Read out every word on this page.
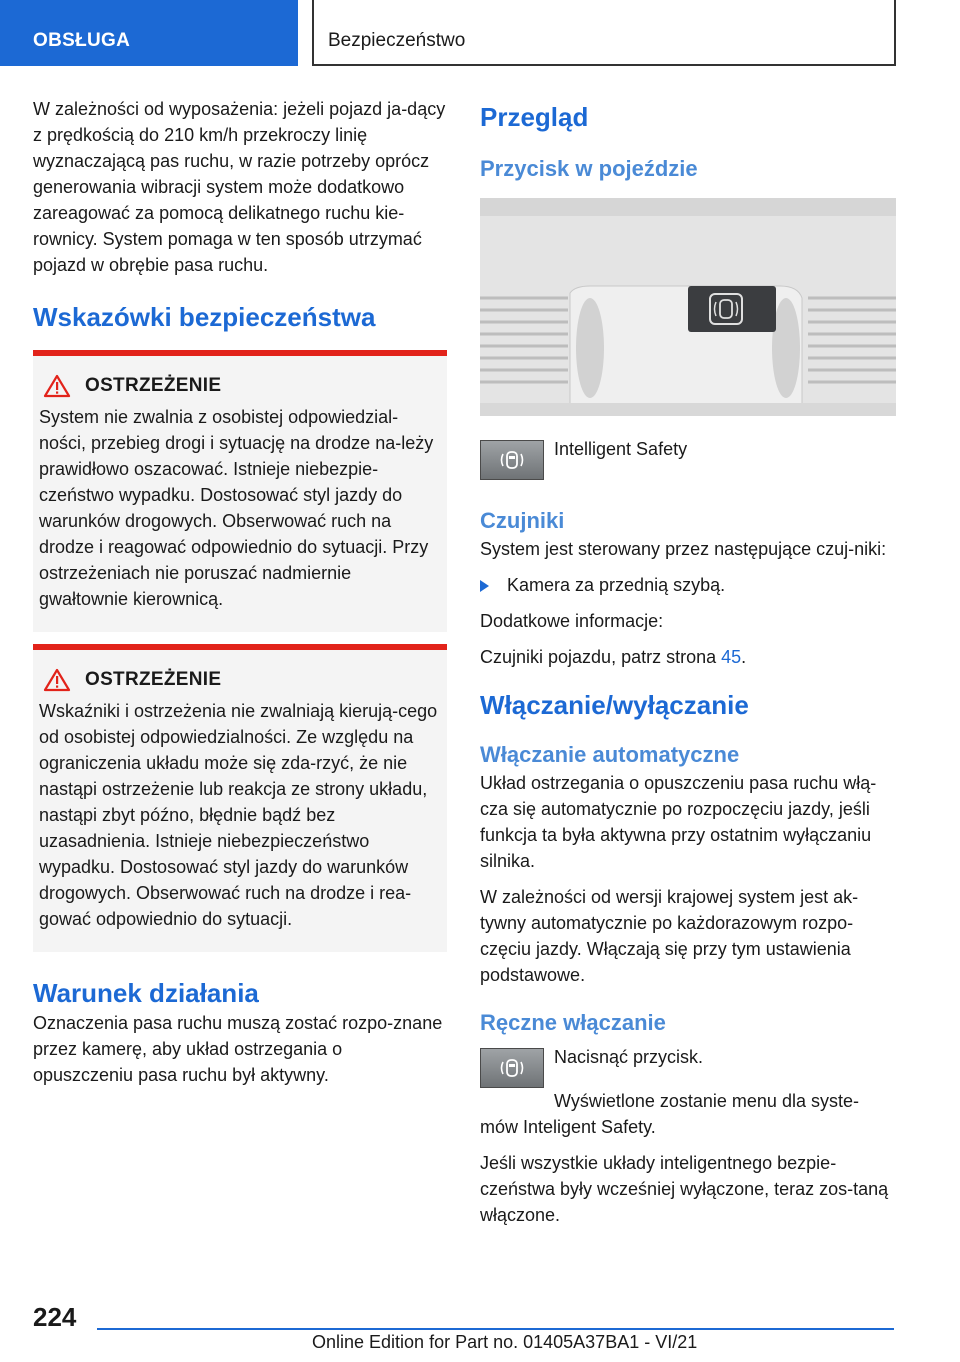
OBSŁUGA	Bezpieczeństwo

W zależności od wyposażenia: jeżeli pojazd ja-dący z prędkością do 210 km/h przekroczy linię wyznaczającą pas ruchu, w razie potrzeby oprócz generowania wibracji system może dodatkowo zareagować za pomocą delikatnego ruchu kie-rownicy. System pomaga w ten sposób utrzymać pojazd w obrębie pasa ruchu.

Wskazówki bezpieczeństwa
OSTRZEŻENIE

System nie zwalnia z osobistej odpowiedzial-ności, przebieg drogi i sytuację na drodze na-leży prawidłowo oszacować. Istnieje niebezpie-czeństwo wypadku. Dostosować styl jazdy do warunków drogowych. Obserwować ruch na drodze i reagować odpowiednio do sytuacji. Przy ostrzeżeniach nie poruszać nadmiernie gwałtownie kierownicą.

OSTRZEŻENIE

Wskaźniki i ostrzeżenia nie zwalniają kierują-cego od osobistej odpowiedzialności. Ze względu na ograniczenia układu może się zda-rzyć, że nie nastąpi ostrzeżenie lub reakcja ze strony układu, nastąpi zbyt późno, błędnie bądź bez uzasadnienia. Istnieje niebezpieczeństwo wypadku. Dostosować styl jazdy do warunków drogowych. Obserwować ruch na drodze i rea-gować odpowiednio do sytuacji.

Warunek działania

Oznaczenia pasa ruchu muszą zostać rozpo-znane przez kamerę, aby układ ostrzegania o opuszczeniu pasa ruchu był aktywny.

Przegląd
Przycisk w pojeździe

Intelligent Safety

Czujniki

System jest sterowany przez następujące czuj-niki:

Kamera za przednią szybą.

Dodatkowe informacje:

Czujniki pojazdu, patrz strona 45.

Włączanie/wyłączanie
Włączanie automatyczne

Układ ostrzegania o opuszczeniu pasa ruchu włą-cza się automatycznie po rozpoczęciu jazdy, jeśli funkcja ta była aktywna przy ostatnim wyłączaniu silnika.

W zależności od wersji krajowej system jest ak-tywny automatycznie po każdorazowym rozpo-częciu jazdy. Włączają się przy tym ustawienia podstawowe.

Ręczne włączanie

Nacisnąć przycisk.

Wyświetlone zostanie menu dla syste-mów Inteligent Safety.

Jeśli wszystkie układy inteligentnego bezpie-czeństwa były wcześniej wyłączone, teraz zos-taną włączone.

224
Online Edition for Part no. 01405A37BA1 - VI/21
